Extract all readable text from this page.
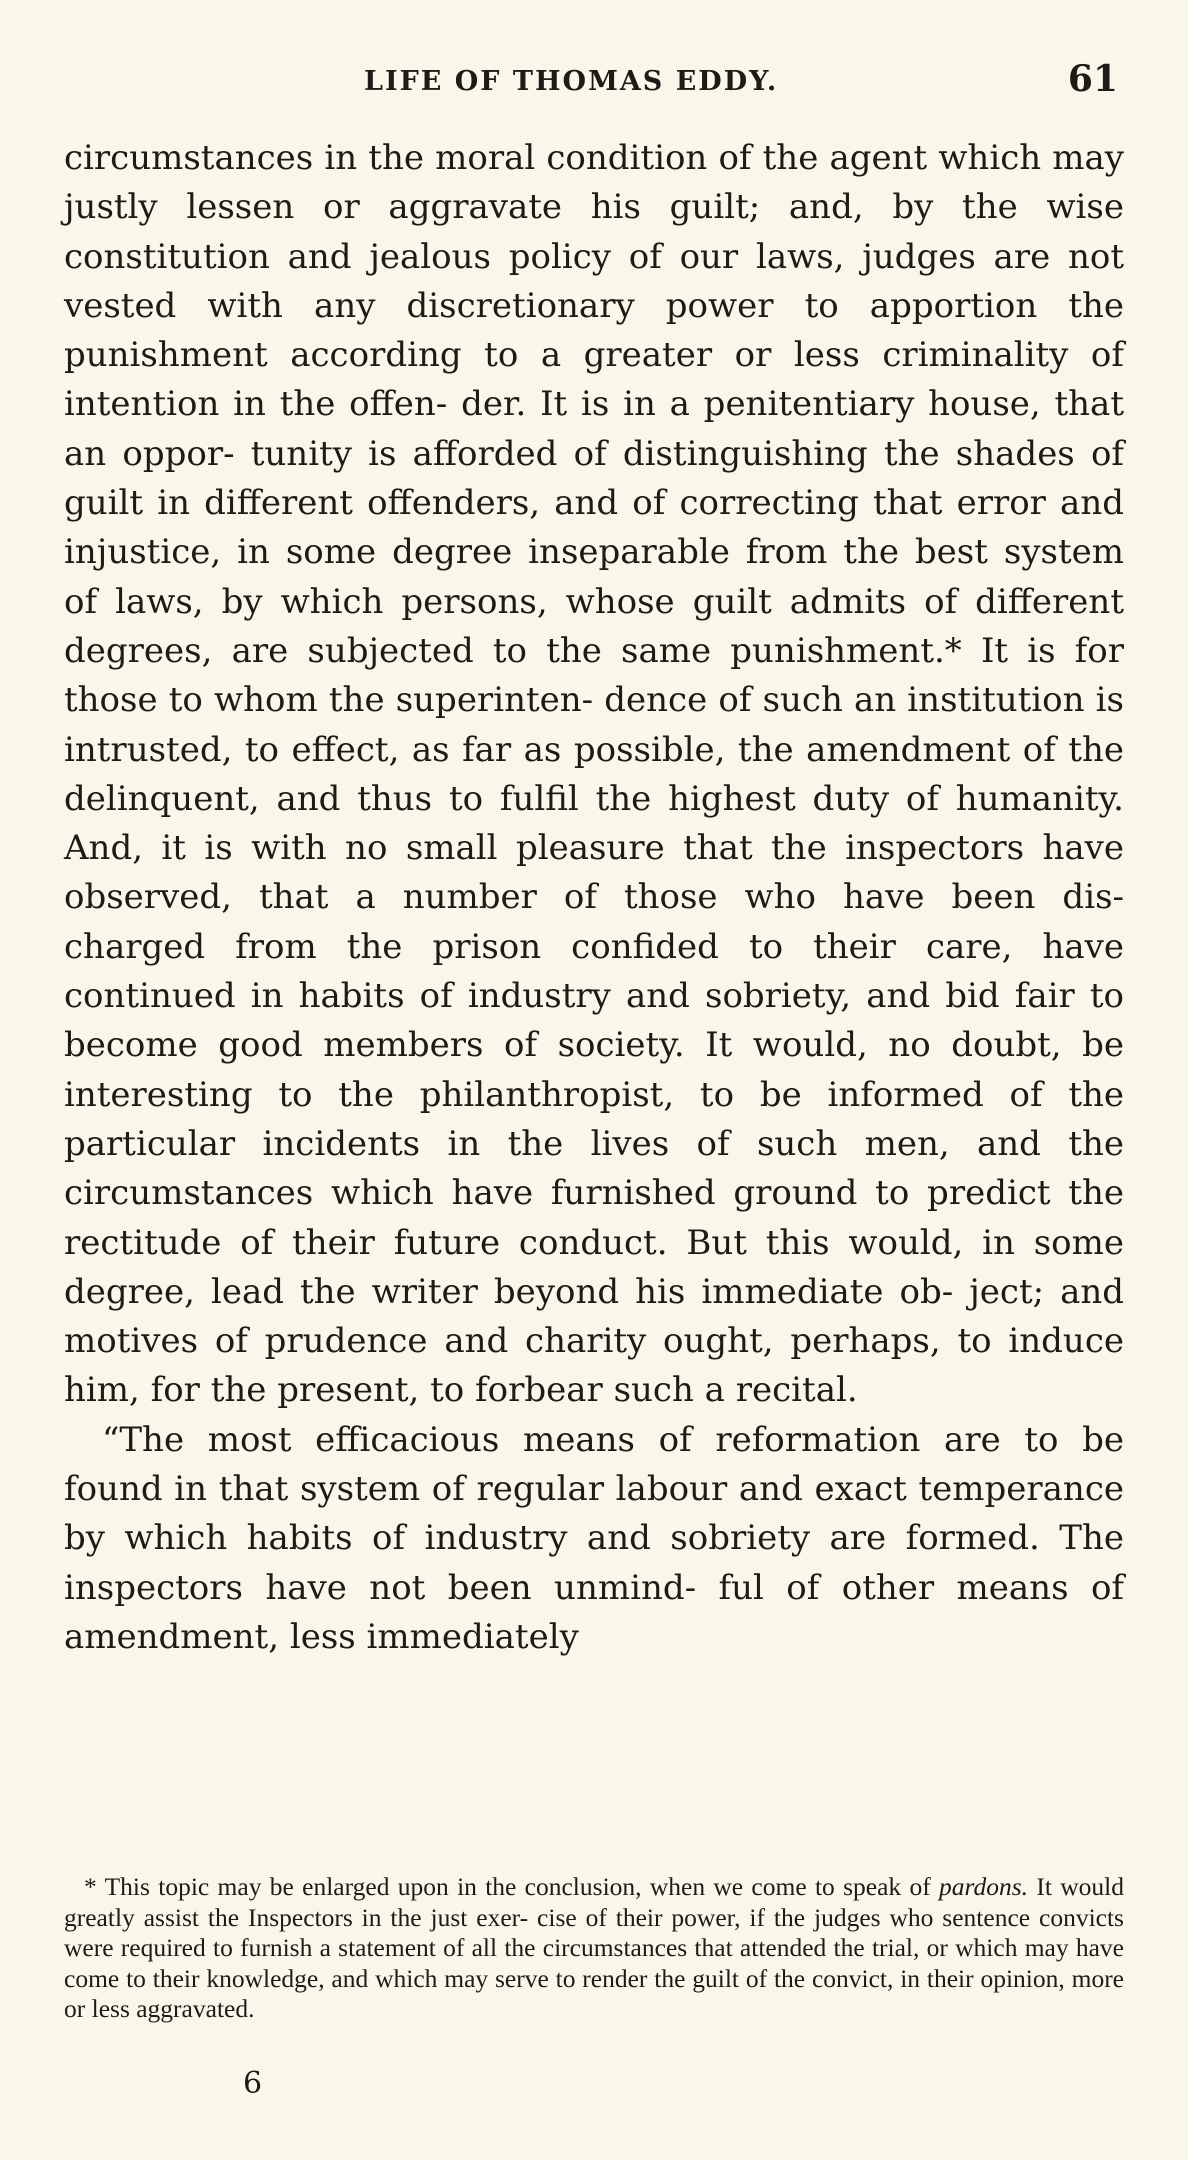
LIFE OF THOMAS EDDY.	61

circumstances in the moral condition of the agent which may justly lessen or aggravate his guilt; and, by the wise constitution and jealous policy of our laws, judges are not vested with any discretionary power to apportion the punishment according to a greater or less criminality of intention in the offen- der. It is in a penitentiary house, that an oppor- tunity is afforded of distinguishing the shades of guilt in different offenders, and of correcting that error and injustice, in some degree inseparable from the best system of laws, by which persons, whose guilt admits of different degrees, are subjected to the same punishment.* It is for those to whom the superinten- dence of such an institution is intrusted, to effect, as far as possible, the amendment of the delinquent, and thus to fulfil the highest duty of humanity. And, it is with no small pleasure that the inspectors have observed, that a number of those who have been dis- charged from the prison confided to their care, have continued in habits of industry and sobriety, and bid fair to become good members of society. It would, no doubt, be interesting to the philanthropist, to be informed of the particular incidents in the lives of such men, and the circumstances which have furnished ground to predict the rectitude of their future conduct. But this would, in some degree, lead the writer beyond his immediate ob- ject; and motives of prudence and charity ought, perhaps, to induce him, for the present, to forbear such a recital.

“The most efficacious means of reformation are to be found in that system of regular labour and exact temperance by which habits of industry and sobriety are formed. The inspectors have not been unmind- ful of other means of amendment, less immediately

* This topic may be enlarged upon in the conclusion, when we come to speak of pardons. It would greatly assist the Inspectors in the just exer- cise of their power, if the judges who sentence convicts were required to furnish a statement of all the circumstances that attended the trial, or which may have come to their knowledge, and which may serve to render the guilt of the convict, in their opinion, more or less aggravated.

6
